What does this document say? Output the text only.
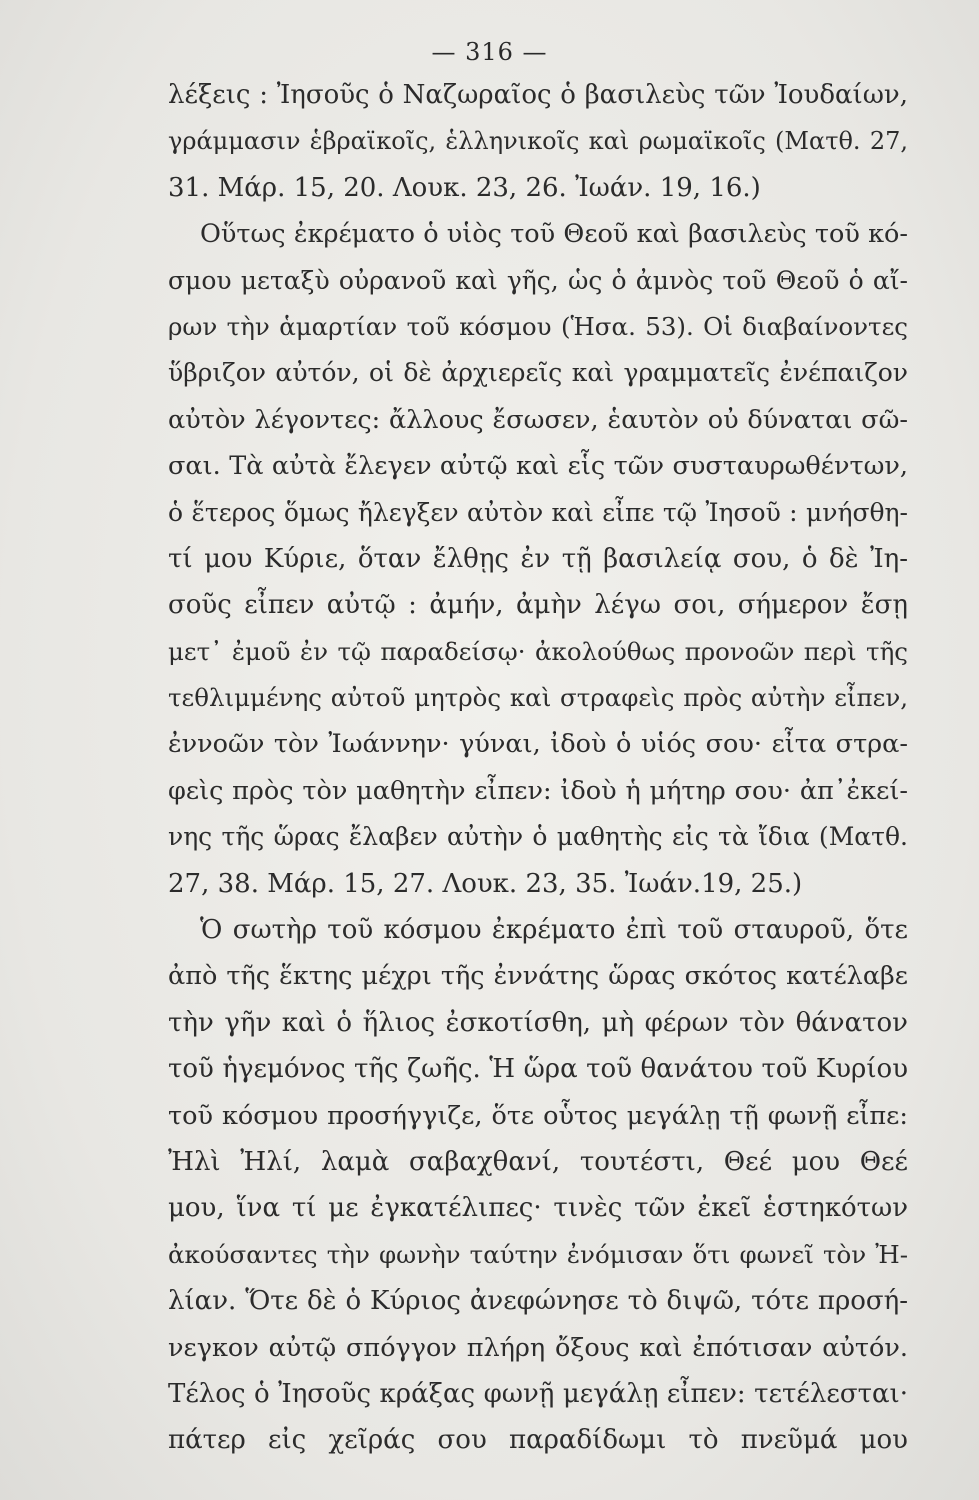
— 316 —
λέξεις : Ἰησοῦς ὁ Ναζωραῖος ὁ βασιλεὺς τῶν Ἰουδαίων,
γράμμασιν ἑβραϊκοῖς, ἑλληνικοῖς καὶ ρωμαϊκοῖς (Ματθ. 27,
31. Μάρ. 15, 20. Λουκ. 23, 26. Ἰωάν. 19, 16.)
Οὕτως ἐκρέματο ὁ υἱὸς τοῦ Θεοῦ καὶ βασιλεὺς τοῦ κό-
σμου μεταξὺ οὐρανοῦ καὶ γῆς, ὡς ὁ ἀμνὸς τοῦ Θεοῦ ὁ αἴ-
ρων τὴν ἁμαρτίαν τοῦ κόσμου (Ἡσα. 53). Οἱ διαβαίνοντες
ὕβριζον αὐτόν, οἱ δὲ ἀρχιερεῖς καὶ γραμματεῖς ἐνέπαιζον
αὐτὸν λέγοντες: ἄλλους ἔσωσεν, ἑαυτὸν οὐ δύναται σῶ-
σαι. Τὰ αὐτὰ ἔλεγεν αὐτῷ καὶ εἷς τῶν συσταυρωθέντων,
ὁ ἕτερος ὅμως ἤλεγξεν αὐτὸν καὶ εἶπε τῷ Ἰησοῦ : μνήσθη-
τί μου Κύριε, ὅταν ἔλθῃς ἐν τῇ βασιλείᾳ σου, ὁ δὲ Ἰη-
σοῦς εἶπεν αὐτῷ : ἀμήν, ἀμὴν λέγω σοι, σήμερον ἔσῃ
μετ᾿ ἐμοῦ ἐν τῷ παραδείσῳ· ἀκολούθως προνοῶν περὶ τῆς
τεθλιμμένης αὐτοῦ μητρὸς καὶ στραφεὶς πρὸς αὐτὴν εἶπεν,
ἐννοῶν τὸν Ἰωάννην· γύναι, ἰδοὺ ὁ υἱός σου· εἶτα στρα-
φεὶς πρὸς τὸν μαθητὴν εἶπεν: ἰδοὺ ἡ μήτηρ σου· ἀπ᾿ἐκεί-
νης τῆς ὥρας ἔλαβεν αὐτὴν ὁ μαθητὴς εἰς τὰ ἴδια (Ματθ.
27, 38. Μάρ. 15, 27. Λουκ. 23, 35. Ἰωάν.19, 25.)
Ὁ σωτὴρ τοῦ κόσμου ἐκρέματο ἐπὶ τοῦ σταυροῦ, ὅτε
ἀπὸ τῆς ἕκτης μέχρι τῆς ἐννάτης ὥρας σκότος κατέλαβε
τὴν γῆν καὶ ὁ ἥλιος ἐσκοτίσθη, μὴ φέρων τὸν θάνατον
τοῦ ἡγεμόνος τῆς ζωῆς. Ἡ ὥρα τοῦ θανάτου τοῦ Κυρίου
τοῦ κόσμου προσήγγιζε, ὅτε οὗτος μεγάλῃ τῇ φωνῇ εἶπε:
Ἠλὶ Ἠλί, λαμὰ σαβαχθανί, τουτέστι, Θεέ μου Θεέ
μου, ἵνα τί με ἐγκατέλιπες· τινὲς τῶν ἐκεῖ ἑστηκότων
ἀκούσαντες τὴν φωνὴν ταύτην ἐνόμισαν ὅτι φωνεῖ τὸν Ἠ-
λίαν. Ὅτε δὲ ὁ Κύριος ἀνεφώνησε τὸ διψῶ, τότε προσή-
νεγκον αὐτῷ σπόγγον πλήρη ὄξους καὶ ἐπότισαν αὐτόν.
Τέλος ὁ Ἰησοῦς κράξας φωνῇ μεγάλῃ εἶπεν: τετέλεσται·
πάτερ εἰς χεῖράς σου παραδίδωμι τὸ πνεῦμά μου
